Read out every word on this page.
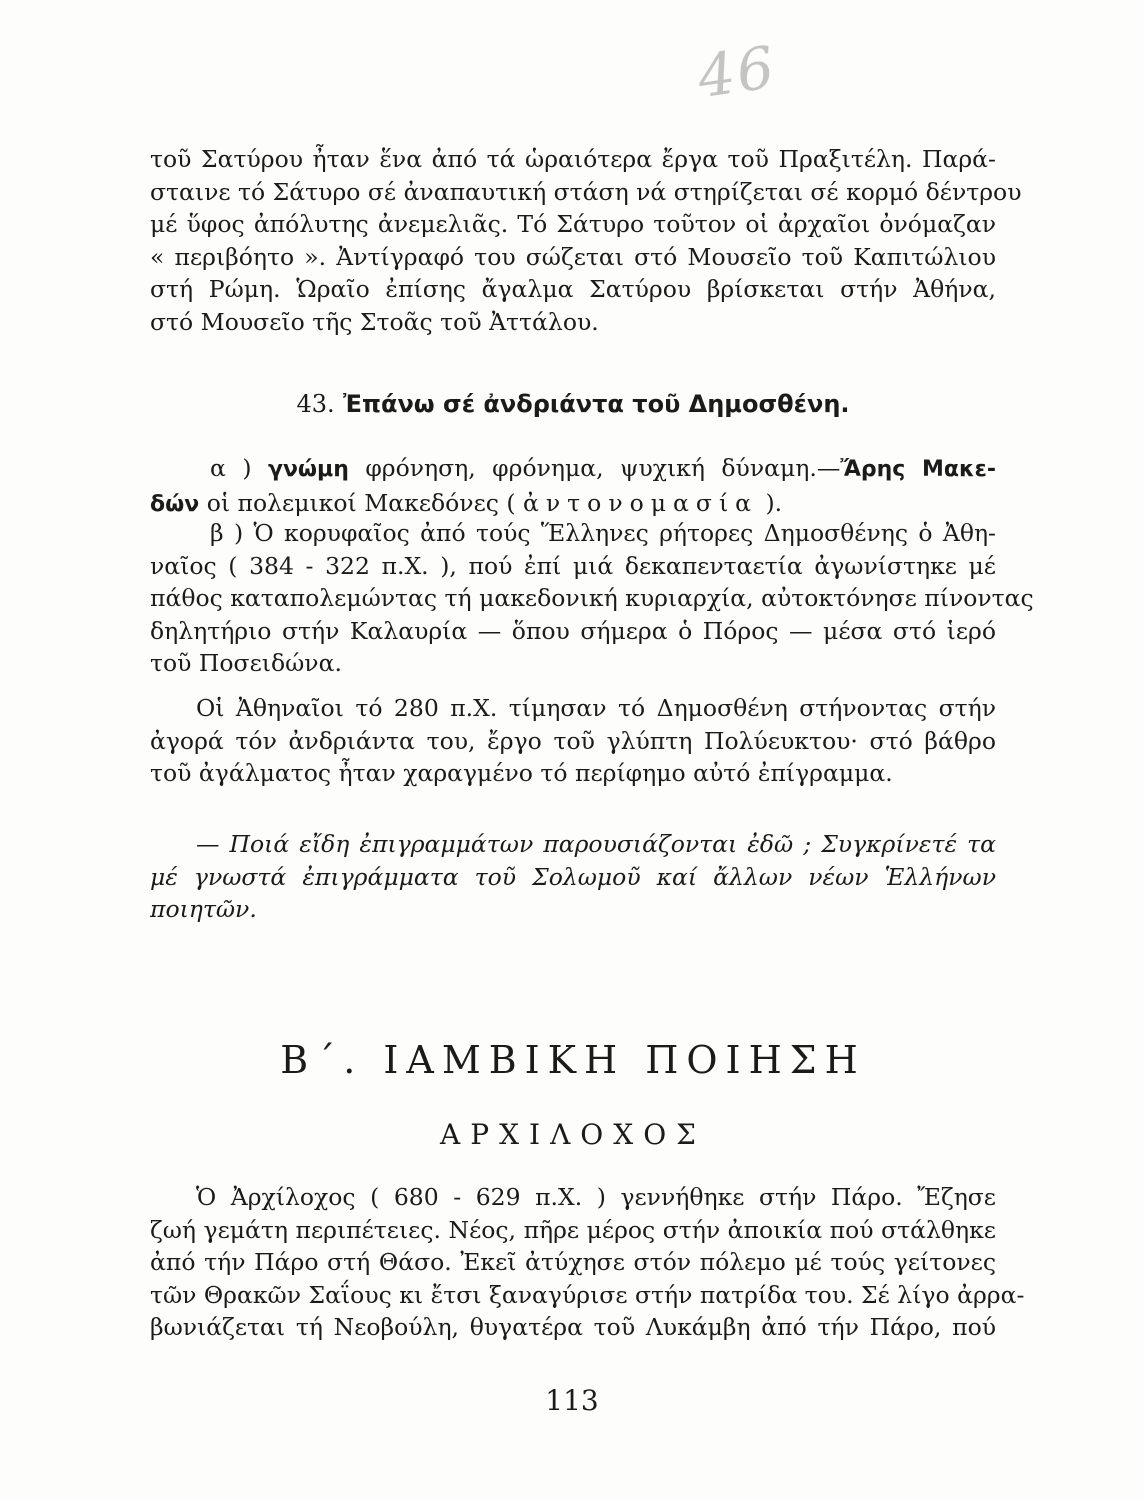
46

τοῦ Σατύρου ἦταν ἕνα ἀπό τά ὡραιότερα ἔργα τοῦ Πραξιτέλη. Παρά-

σταινε τό Σάτυρο σέ ἀναπαυτική στάση νά στηρίζεται σέ κορμό δέντρου

μέ ὕφος ἀπόλυτης ἀνεμελιᾶς. Τό Σάτυρο τοῦτον οἱ ἀρχαῖοι ὀνόμαζαν

« περιβόητο ». Ἀντίγραφό του σώζεται στό Μουσεῖο τοῦ Καπιτώλιου

στή Ρώμη. Ὡραῖο ἐπίσης ἄγαλμα Σατύρου βρίσκεται στήν Ἀθήνα,

στό Μουσεῖο τῆς Στοᾶς τοῦ Ἀττάλου.

43. Ἐπάνω σέ ἀνδριάντα τοῦ Δημοσθένη.

α ) γνώμη φρόνηση, φρόνημα, ψυχική δύναμη.—Ἄρης Μακε-

δών οἱ πολεμικοί Μακεδόνες ( ἀντονομασία ).

β ) Ὁ κορυφαῖος ἀπό τούς Ἕλληνες ρήτορες Δημοσθένης ὁ Ἀθη-

ναῖος ( 384 - 322 π.Χ. ), πού ἐπί μιά δεκαπενταετία ἀγωνίστηκε μέ

πάθος καταπολεμώντας τή μακεδονική κυριαρχία, αὐτοκτόνησε πίνοντας

δηλητήριο στήν Καλαυρία — ὅπου σήμερα ὁ Πόρος — μέσα στό ἱερό

τοῦ Ποσειδώνα.

Οἱ Ἀθηναῖοι τό 280 π.Χ. τίμησαν τό Δημοσθένη στήνοντας στήν

ἀγορά τόν ἀνδριάντα του, ἔργο τοῦ γλύπτη Πολύευκτου· στό βάθρο

τοῦ ἀγάλματος ἦταν χαραγμένο τό περίφημο αὐτό ἐπίγραμμα.

— Ποιά εἴδη ἐπιγραμμάτων παρουσιάζονται ἐδῶ ; Συγκρίνετέ τα

μέ γνωστά ἐπιγράμματα τοῦ Σολωμοῦ καί ἄλλων νέων Ἑλλήνων

ποιητῶν.

Β΄. ΙΑΜΒΙΚΗ ΠΟΙΗΣΗ
ΑΡΧΙΛΟΧΟΣ

Ὁ Ἀρχίλοχος ( 680 - 629 π.Χ. ) γεννήθηκε στήν Πάρο. Ἔζησε

ζωή γεμάτη περιπέτειες. Νέος, πῆρε μέρος στήν ἀποικία πού στάλθηκε

ἀπό τήν Πάρο στή Θάσο. Ἐκεῖ ἀτύχησε στόν πόλεμο μέ τούς γείτονες

τῶν Θρακῶν Σαΐους κι ἔτσι ξαναγύρισε στήν πατρίδα του. Σέ λίγο ἀρρα-

βωνιάζεται τή Νεοβούλη, θυγατέρα τοῦ Λυκάμβη ἀπό τήν Πάρο, πού

113
